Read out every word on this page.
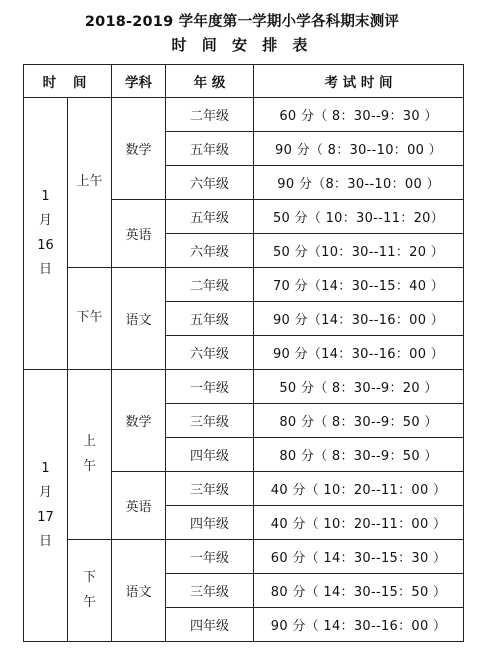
2018-2019 学年度第一学期小学各科期末测评
时 间 安 排 表
时 间		学科	年 级	考 试 时 间
1
月
16
日	上午	数学	二年级	60 分（ 8：30--9：30 ）
			五年级	90 分（ 8：30--10：00 ）
			六年级	90 分（8：30--10：00 ）
		英语	五年级	50 分（ 10：30--11：20）
			六年级	50 分（10：30--11：20 ）
	下午	语文	二年级	70 分（14：30--15：40 ）
			五年级	90 分（14：30--16：00 ）
			六年级	90 分（14：30--16：00 ）
1
月
17
日	上
午	数学	一年级	50 分（ 8：30--9：20 ）
			三年级	80 分（ 8：30--9：50 ）
			四年级	80 分（ 8：30--9：50 ）
		英语	三年级	40 分（ 10：20--11：00 ）
			四年级	40 分（ 10：20--11：00 ）
	下
午	语文	一年级	60 分（ 14：30--15：30 ）
			三年级	80 分（ 14：30--15：50 ）
			四年级	90 分（ 14：30--16：00 ）
